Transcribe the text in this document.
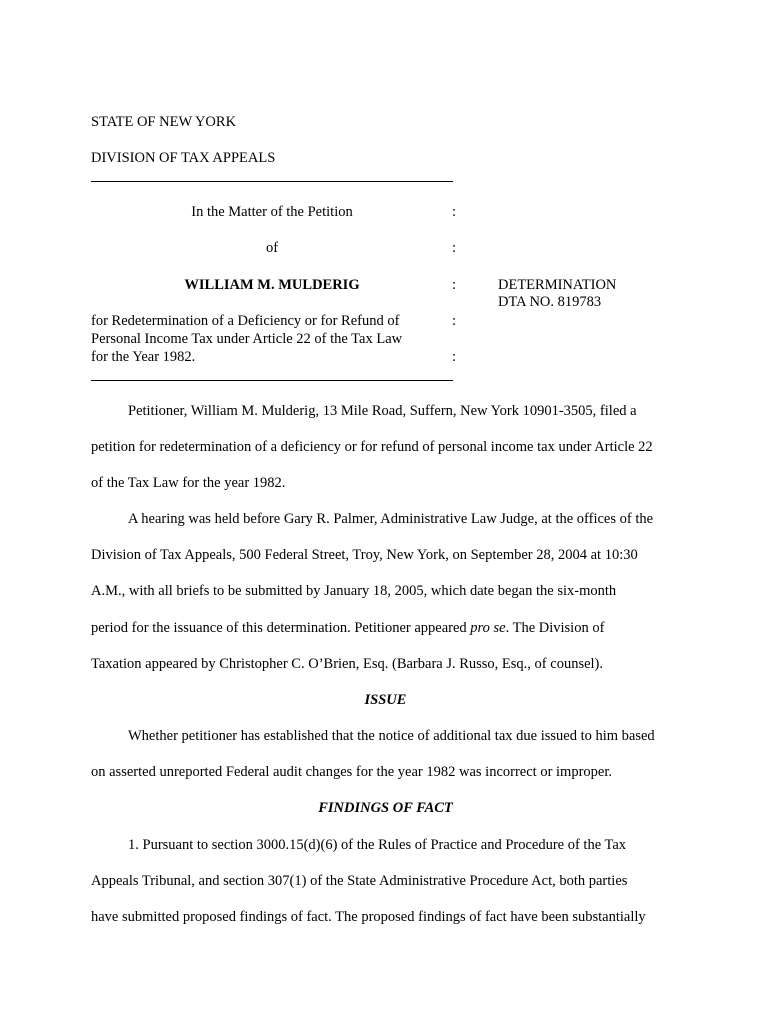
STATE OF NEW YORK
DIVISION OF TAX APPEALS
In the Matter of the Petition	:
of	:
WILLIAM M. MULDERIG	:	DETERMINATION
DTA NO. 819783
for Redetermination of a Deficiency or for Refund of	:
Personal Income Tax under Article 22 of the Tax Law
for the Year 1982.	:
Petitioner, William M. Mulderig, 13 Mile Road, Suffern, New York 10901-3505, filed a
petition for redetermination of a deficiency or for refund of personal income tax under Article 22
of the Tax Law for the year 1982.
A hearing was held before Gary R. Palmer, Administrative Law Judge, at the offices of the
Division of Tax Appeals, 500 Federal Street, Troy, New York, on September 28, 2004 at 10:30
A.M., with all briefs to be submitted by January 18, 2005, which date began the six-month
period for the issuance of this determination. Petitioner appeared pro se. The Division of
Taxation appeared by Christopher C. O’Brien, Esq. (Barbara J. Russo, Esq., of counsel).
ISSUE
Whether petitioner has established that the notice of additional tax due issued to him based
on asserted unreported Federal audit changes for the year 1982 was incorrect or improper.
FINDINGS OF FACT
1. Pursuant to section 3000.15(d)(6) of the Rules of Practice and Procedure of the Tax
Appeals Tribunal, and section 307(1) of the State Administrative Procedure Act, both parties
have submitted proposed findings of fact. The proposed findings of fact have been substantially
